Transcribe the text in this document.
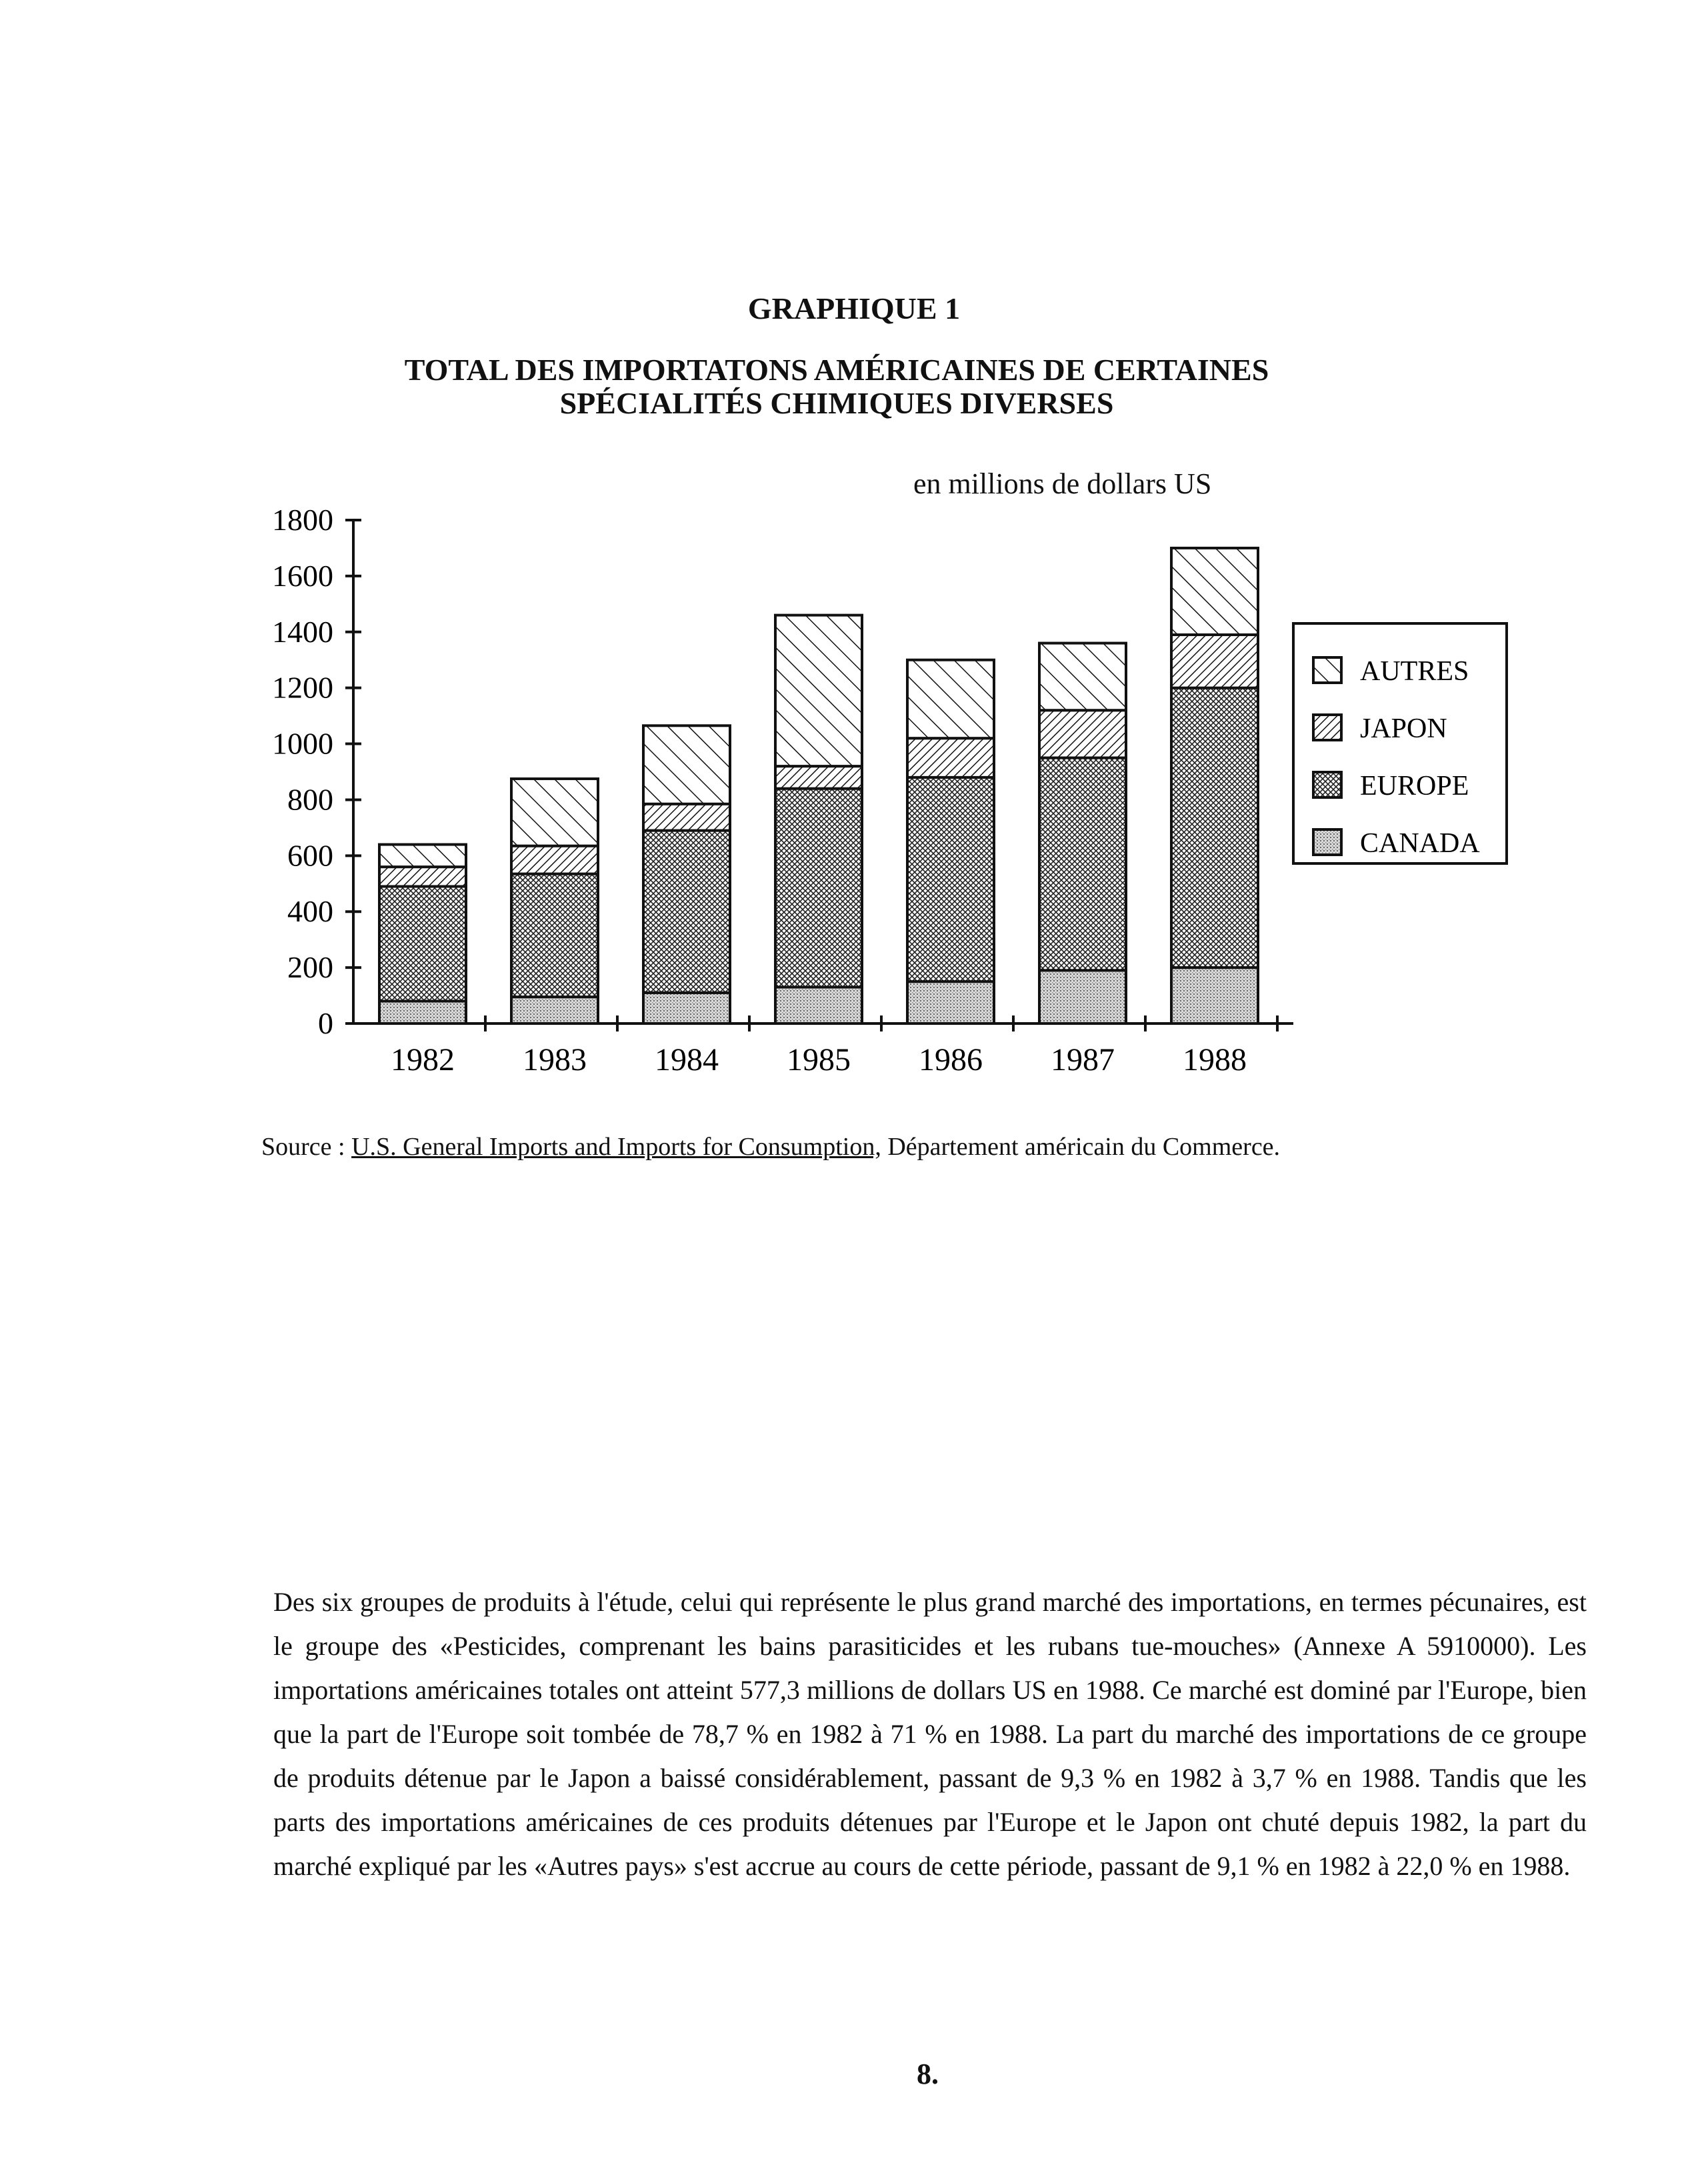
GRAPHIQUE 1
TOTAL DES IMPORTATONS AMÉRICAINES DE CERTAINES
SPÉCIALITÉS CHIMIQUES DIVERSES
en millions de dollars US
0
200
400
600
800
1000
1200
1400
1600
1800
1982 1983 1984 1985 1986 1987 1988
AUTRES
JAPON
EUROPE
CANADA
Source : U.S. General Imports and Imports for Consumption, Département américain du Commerce.
Des six groupes de produits à l'étude, celui qui représente le plus grand marché des importations, en termes pécunaires, est le groupe des «Pesticides, comprenant les bains parasiticides et les rubans tue-mouches» (Annexe A 5910000). Les importations américaines totales ont atteint 577,3 millions de dollars US en 1988. Ce marché est dominé par l'Europe, bien que la part de l'Europe soit tombée de 78,7 % en 1982 à 71 % en 1988. La part du marché des importations de ce groupe de produits détenue par le Japon a baissé considérablement, passant de 9,3 % en 1982 à 3,7 % en 1988. Tandis que les parts des importations américaines de ces produits détenues par l'Europe et le Japon ont chuté depuis 1982, la part du marché expliqué par les «Autres pays» s'est accrue au cours de cette période, passant de 9,1 % en 1982 à 22,0 % en 1988.
8.
